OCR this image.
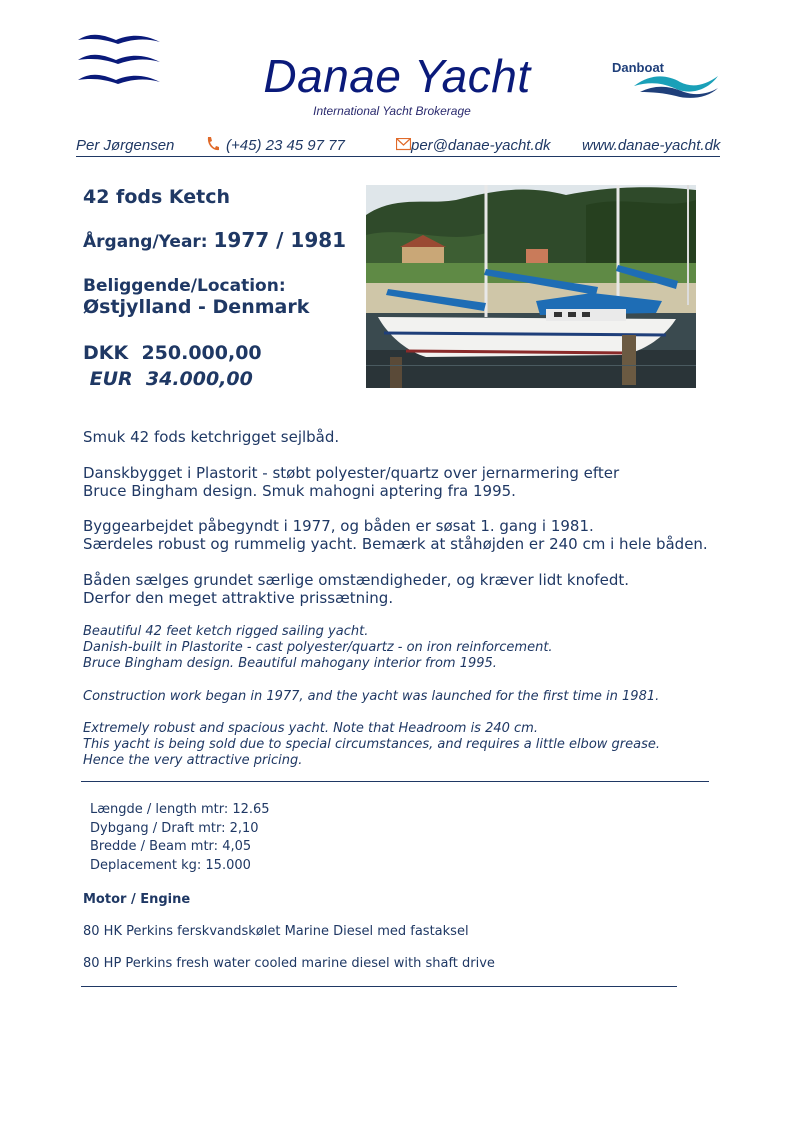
Danae Yacht
International Yacht Brokerage
Danboat
Per Jørgensen	(+45) 23 45 97 77	per@danae-yacht.dk www.danae-yacht.dk
42 fods Ketch
Årgang/Year: 1977 / 1981
Beliggende/Location:
Østjylland - Denmark
DKK  250.000,00
EUR  34.000,00
Smuk 42 fods ketchrigget sejlbåd.
Danskbygget i Plastorit - støbt polyester/quartz over jernarmering efter
Bruce Bingham design. Smuk mahogni aptering fra 1995.
Byggearbejdet påbegyndt i 1977, og båden er søsat 1. gang i 1981.
Særdeles robust og rummelig yacht. Bemærk at ståhøjden er 240 cm i hele båden.
Båden sælges grundet særlige omstændigheder, og kræver lidt knofedt.
Derfor den meget attraktive prissætning.
Beautiful 42 feet ketch rigged sailing yacht.
Danish-built in Plastorite - cast polyester/quartz - on iron reinforcement.
Bruce Bingham design. Beautiful mahogany interior from 1995.
Construction work began in 1977, and the yacht was launched for the first time in 1981.
Extremely robust and spacious yacht. Note that Headroom is 240 cm.
This yacht is being sold due to special circumstances, and requires a little elbow grease.
Hence the very attractive pricing.
Længde / length mtr: 12.65
Dybgang / Draft mtr: 2,10
Bredde / Beam mtr: 4,05
Deplacement kg: 15.000
Motor / Engine
80 HK Perkins ferskvandskølet Marine Diesel med fastaksel
80 HP Perkins fresh water cooled marine diesel with shaft drive
